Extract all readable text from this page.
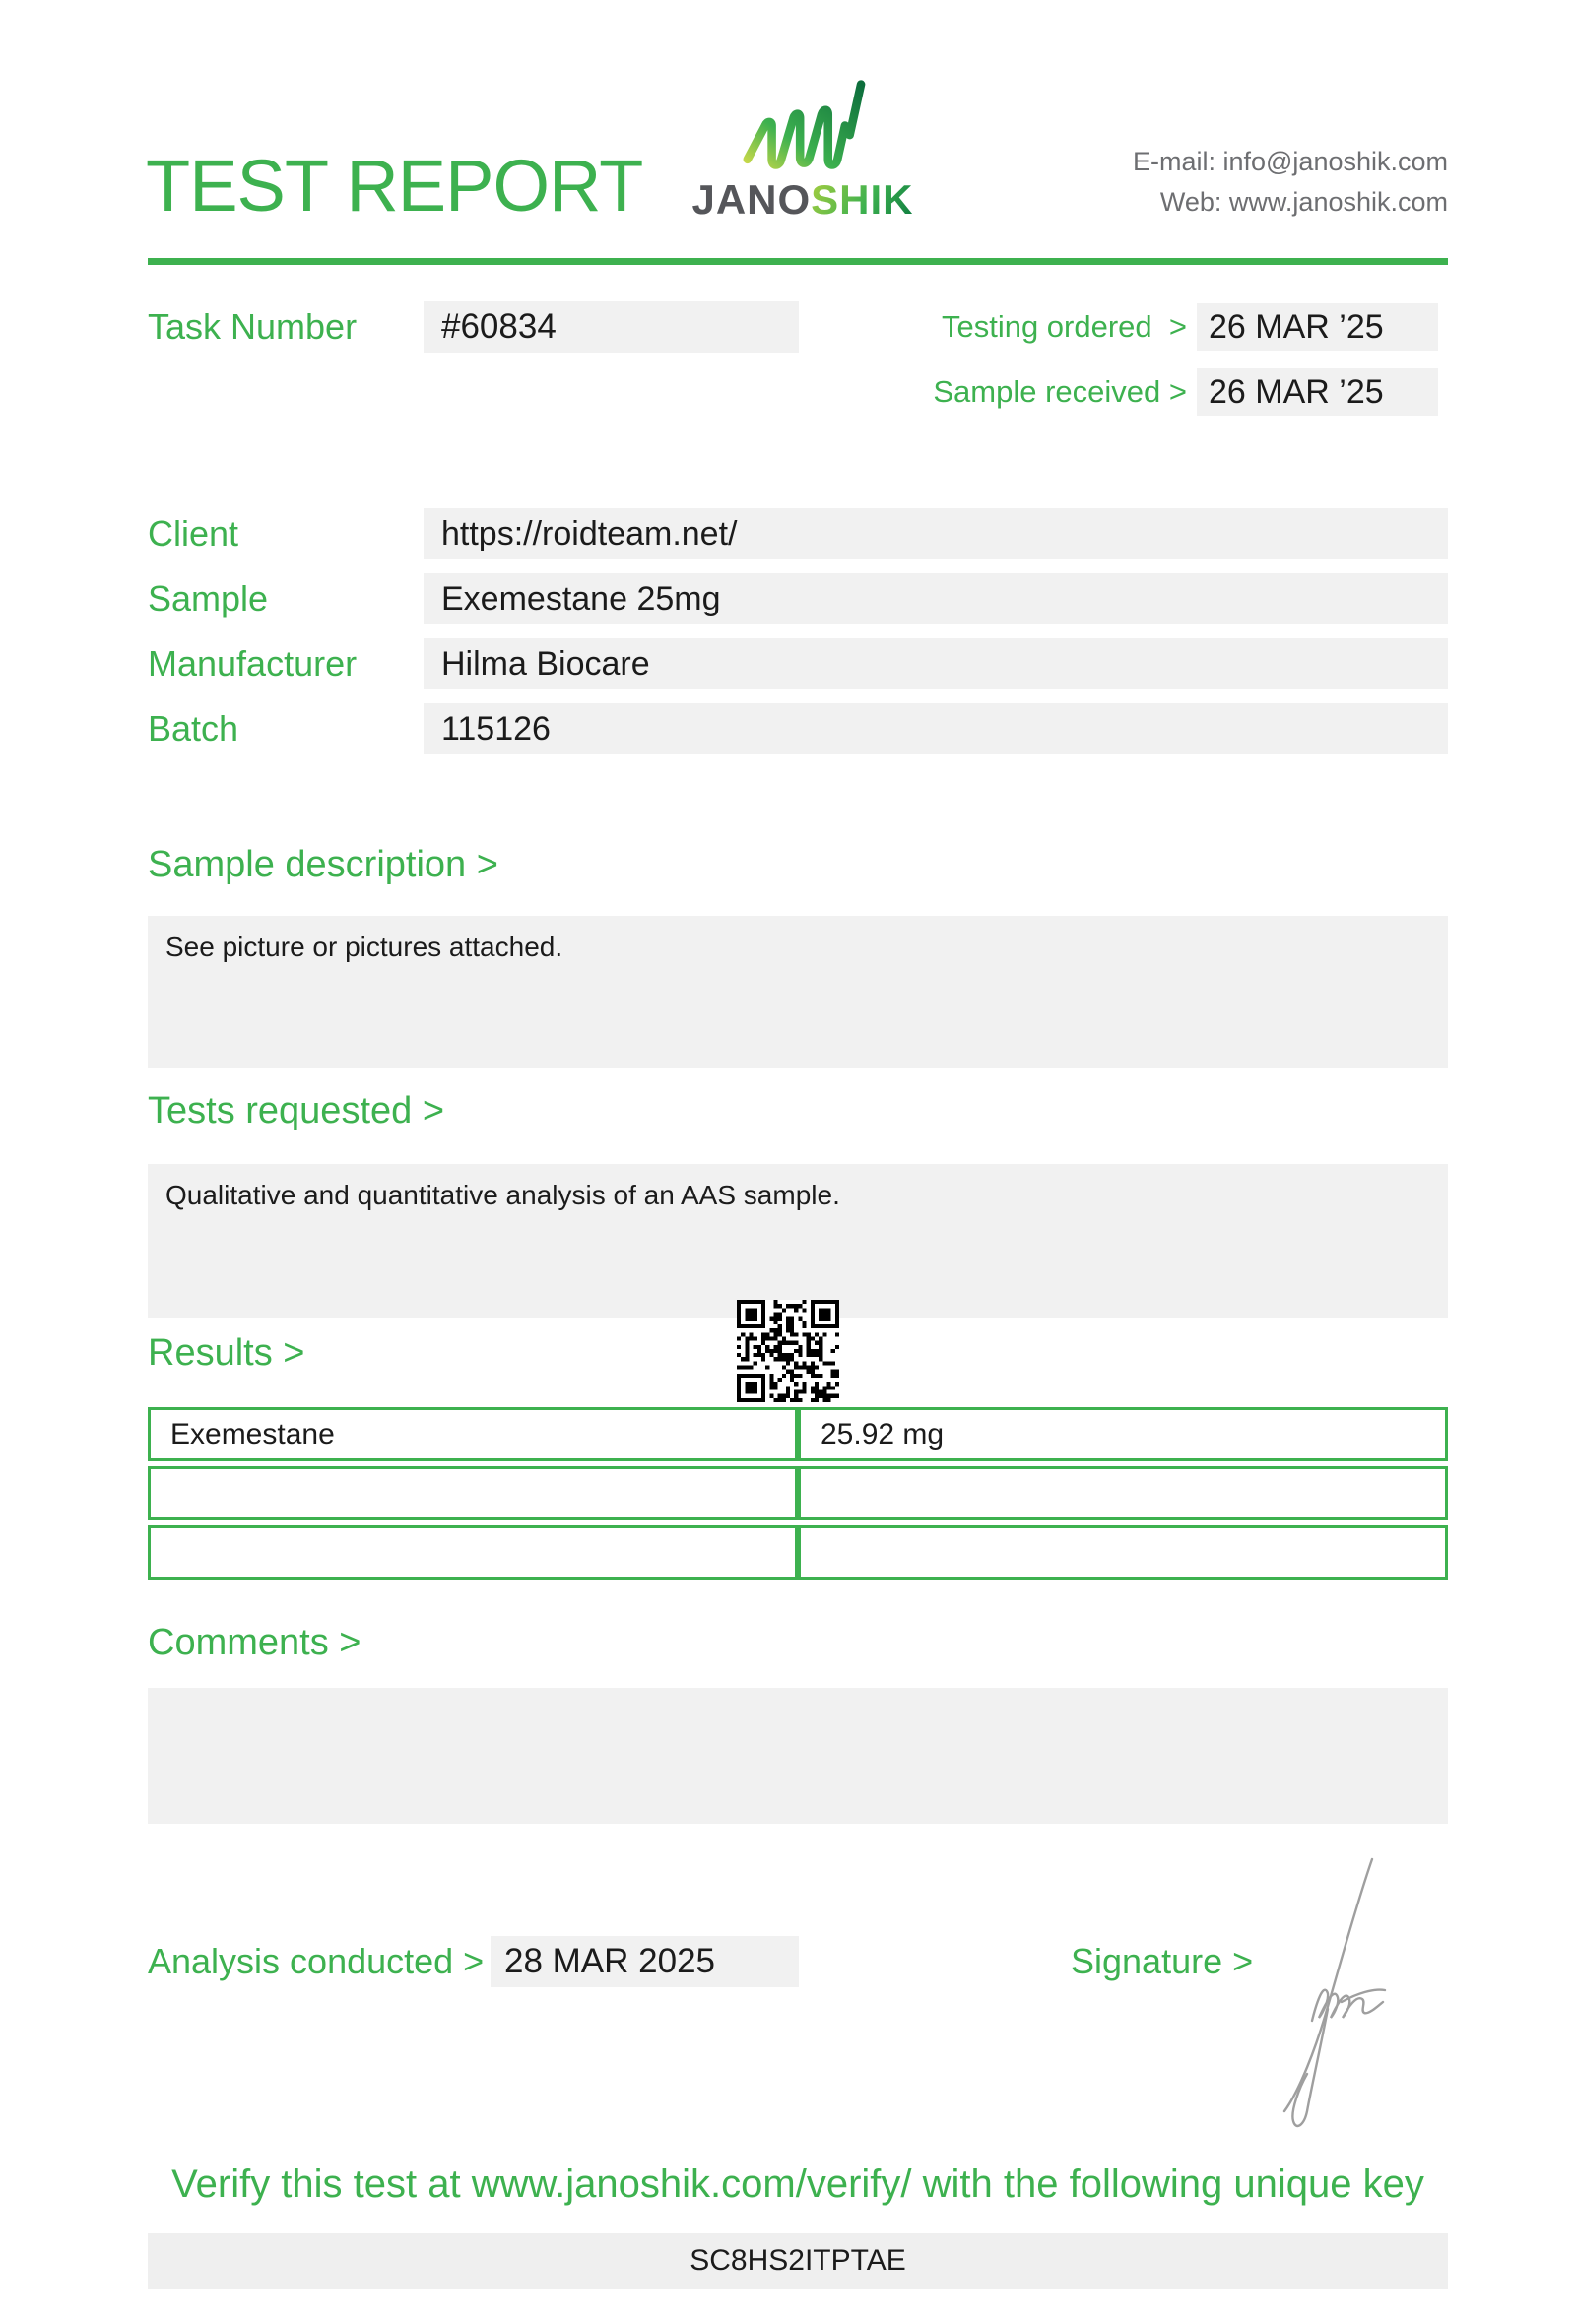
TEST REPORT JANOSHIK
E-mail: info@janoshik.com
Web: www.janoshik.com
Task Number	#60834	Testing ordered > 26 MAR ’25
Sample received > 26 MAR ’25
Client	https://roidteam.net/
Sample	Exemestane 25mg
Manufacturer	Hilma Biocare
Batch	115126
Sample description >
See picture or pictures attached.
Tests requested >
Qualitative and quantitative analysis of an AAS sample.
Results >
Exemestane	25.92 mg

Comments >
Analysis conducted > 28 MAR 2025	Signature >
Verify this test at www.janoshik.com/verify/ with the following unique key
SC8HS2ITPTAE
